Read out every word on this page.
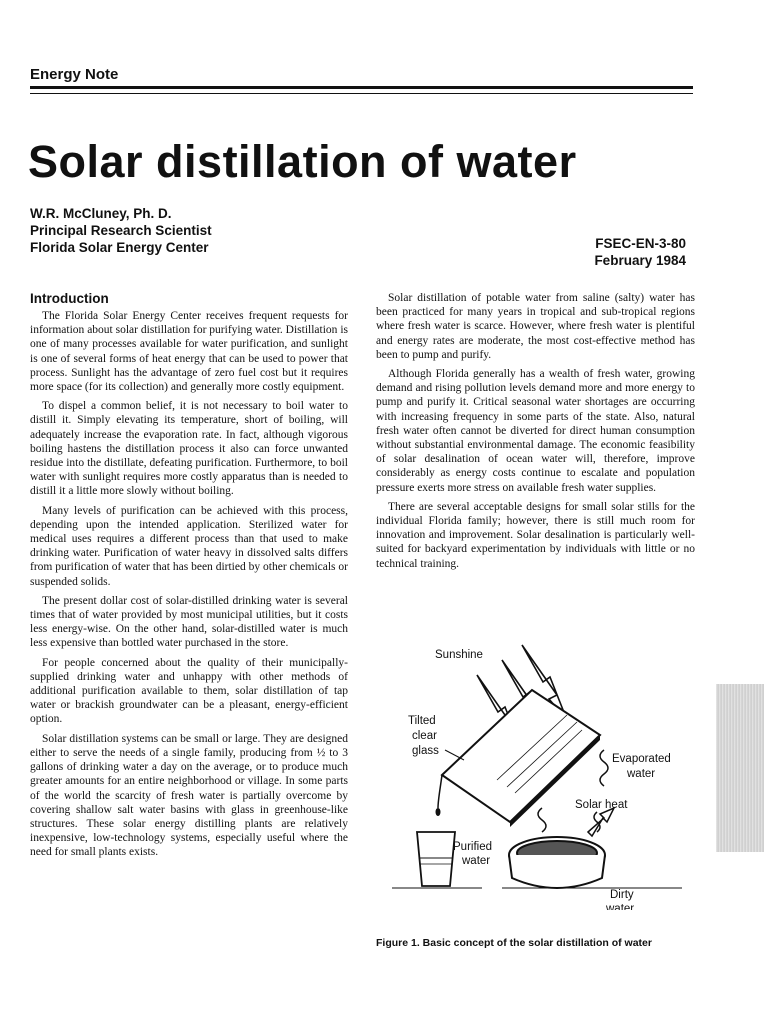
Energy Note
Solar distillation of water
W.R. McCluney, Ph. D.
Principal Research Scientist
Florida Solar Energy Center	FSEC-EN-3-80
February 1984
Introduction

The Florida Solar Energy Center receives frequent requests for information about solar distillation for purifying water. Distillation is one of many processes available for water purification, and sunlight is one of several forms of heat energy that can be used to power that process. Sunlight has the advantage of zero fuel cost but it requires more space (for its collection) and generally more costly equipment.

To dispel a common belief, it is not necessary to boil water to distill it. Simply elevating its temperature, short of boiling, will adequately increase the evaporation rate. In fact, although vigorous boiling hastens the distillation process it also can force unwanted residue into the distillate, defeating purification. Furthermore, to boil water with sunlight requires more costly apparatus than is needed to distill it a little more slowly without boiling.

Many levels of purification can be achieved with this process, depending upon the intended application. Sterilized water for medical uses requires a different process than that used to make drinking water. Purification of water heavy in dissolved salts differs from purification of water that has been dirtied by other chemicals or suspended solids.

The present dollar cost of solar-distilled drinking water is several times that of water provided by most municipal utilities, but it costs less energy-wise. On the other hand, solar-distilled water is much less expensive than bottled water purchased in the store.

For people concerned about the quality of their municipally-supplied drinking water and unhappy with other methods of additional purification available to them, solar distillation of tap water or brackish groundwater can be a pleasant, energy-efficient option.

Solar distillation systems can be small or large. They are designed either to serve the needs of a single family, producing from ½ to 3 gallons of drinking water a day on the average, or to produce much greater amounts for an entire neighborhood or village. In some parts of the world the scarcity of fresh water is partially overcome by covering shallow salt water basins with glass in greenhouse-like structures. These solar energy distilling plants are relatively inexpensive, low-technology systems, especially useful where the need for small plants exists.

Solar distillation of potable water from saline (salty) water has been practiced for many years in tropical and sub-tropical regions where fresh water is scarce. However, where fresh water is plentiful and energy rates are moderate, the most cost-effective method has been to pump and purify.

Although Florida generally has a wealth of fresh water, growing demand and rising pollution levels demand more and more energy to pump and purify it. Critical seasonal water shortages are occurring with increasing frequency in some parts of the state. Also, natural fresh water often cannot be diverted for direct human consumption without substantial environmental damage. The economic feasibility of solar desalination of ocean water will, therefore, improve considerably as energy costs continue to escalate and population pressure exerts more stress on available fresh water supplies.

There are several acceptable designs for small solar stills for the individual Florida family; however, there is still much room for innovation and improvement. Solar desalination is particularly well-suited for backyard experimentation by individuals with little or no technical training.

Sunshine
Tilted
clear
glass
Evaporated
water
Solar heat
Purified
water
Dirty
water
Figure 1. Basic concept of the solar distillation of water
